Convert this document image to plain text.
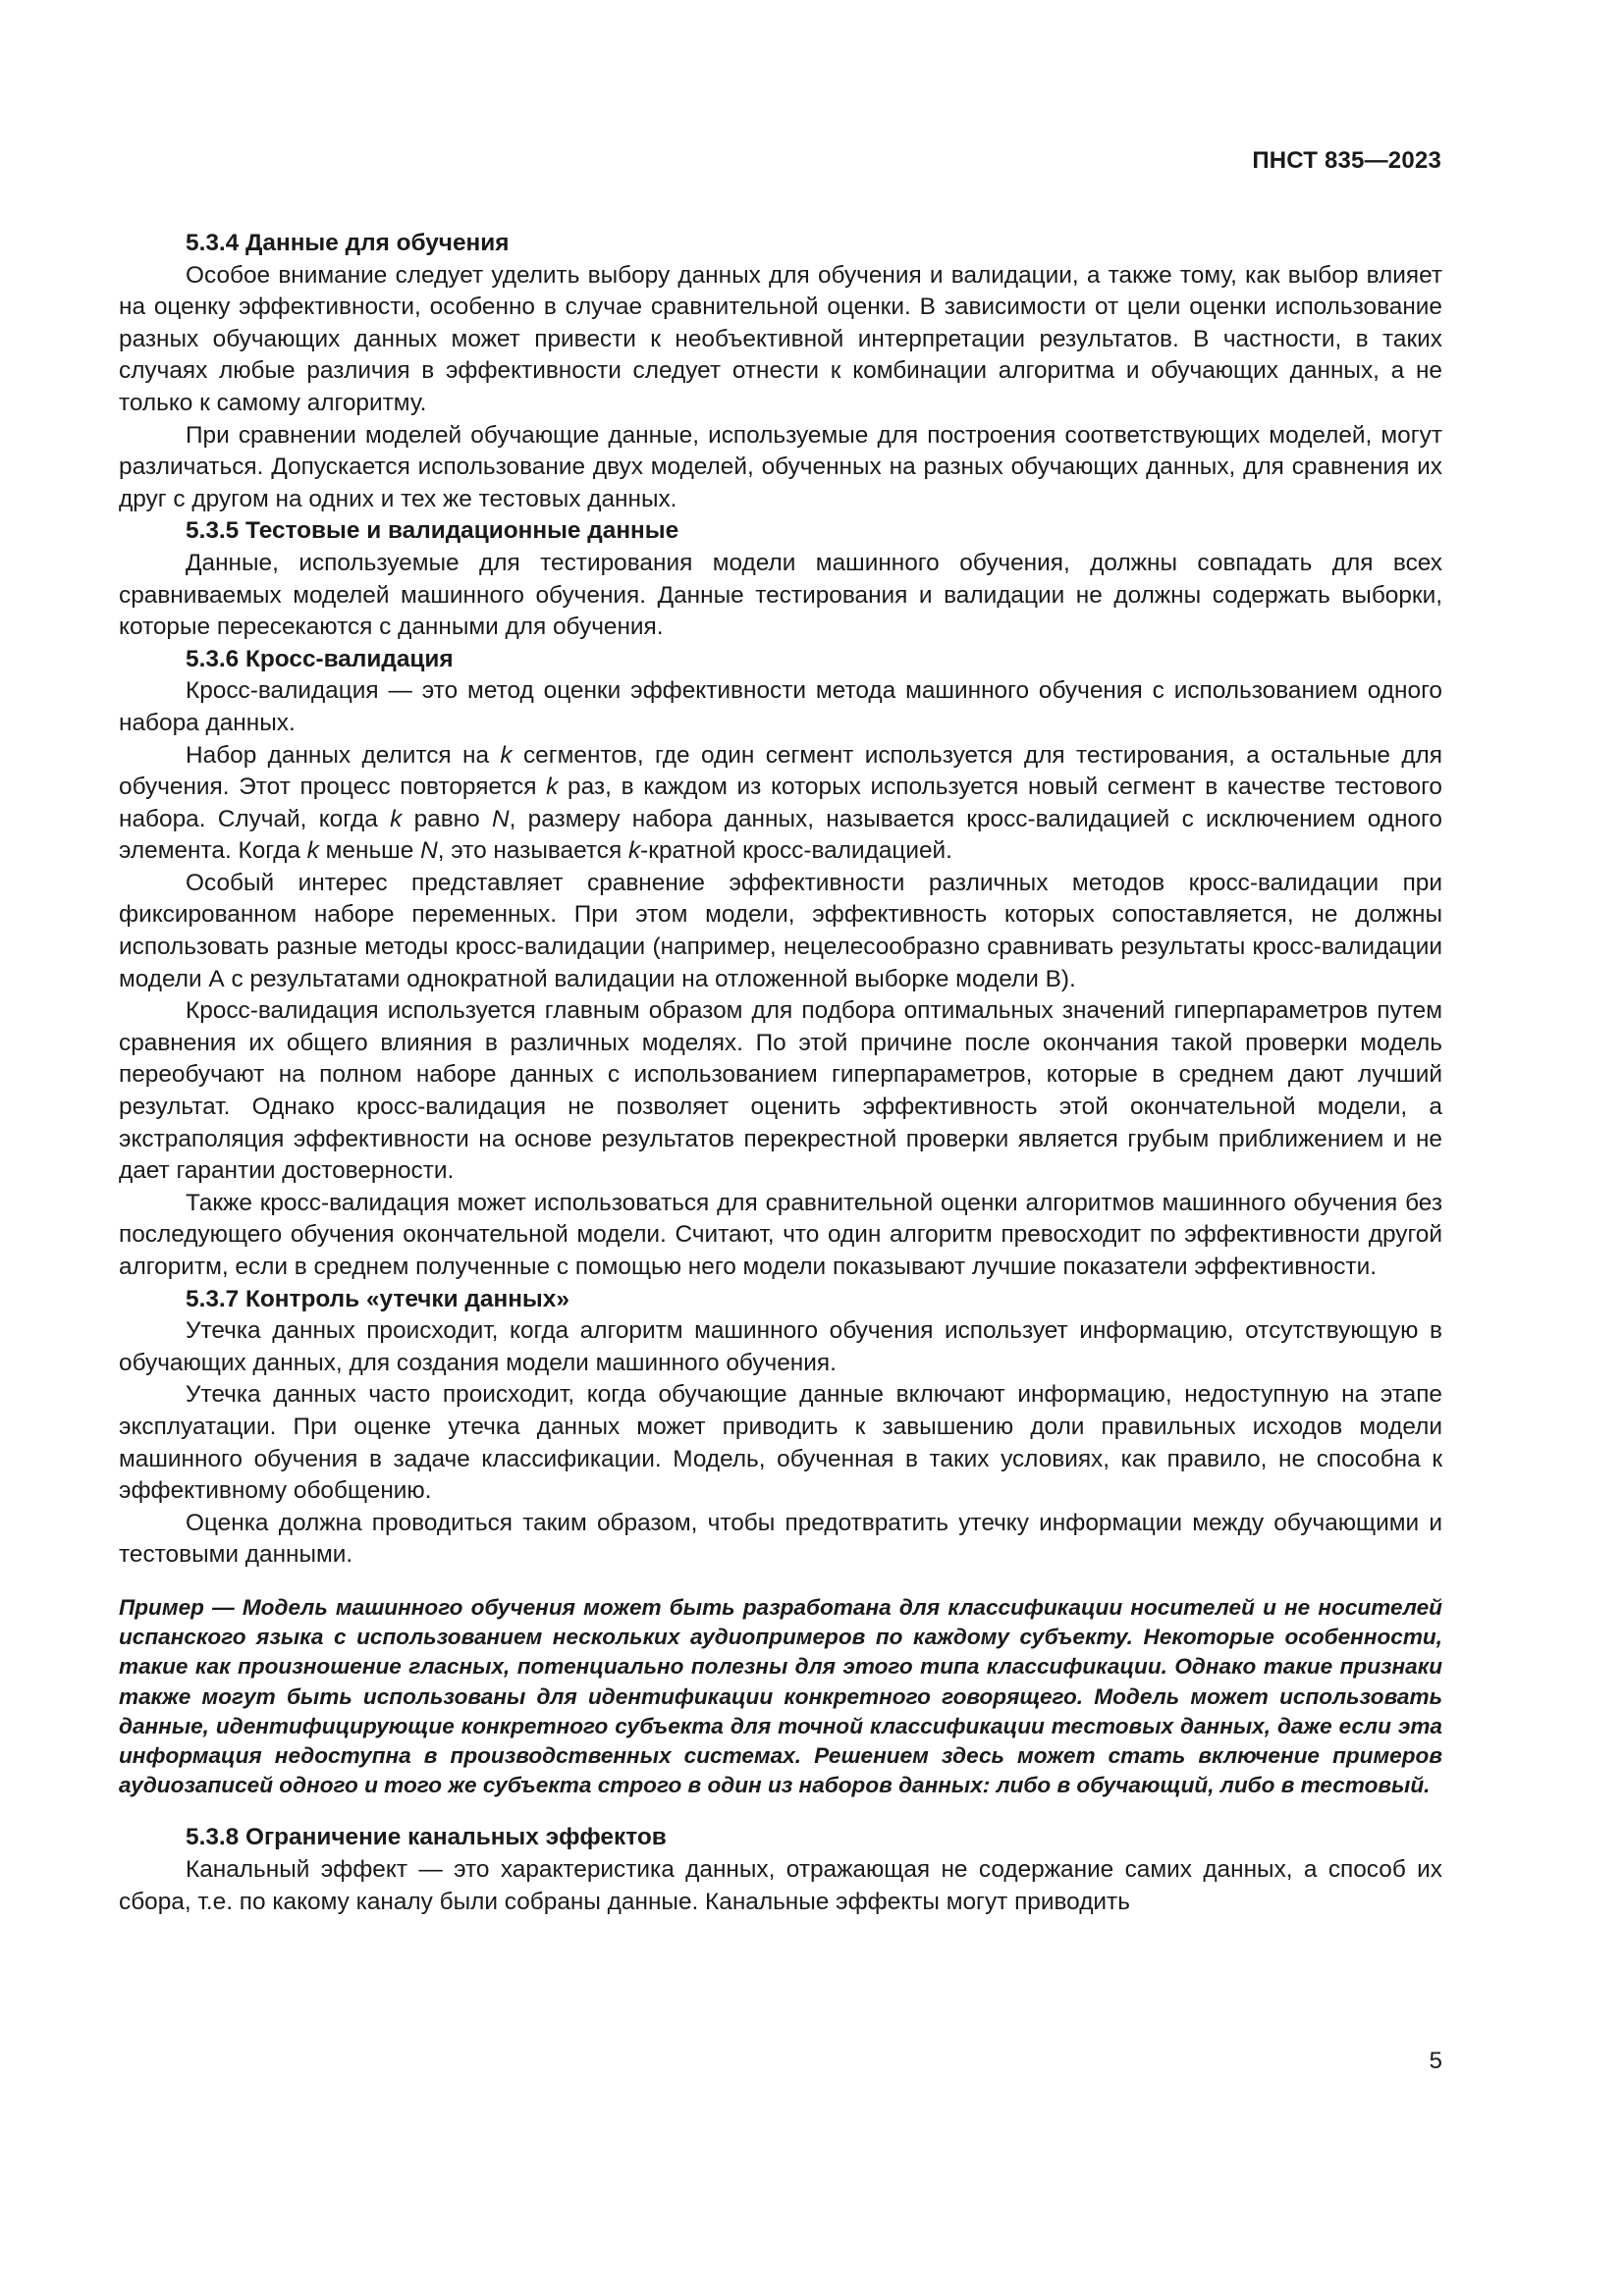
ПНСТ 835—2023
5.3.4 Данные для обучения

Особое внимание следует уделить выбору данных для обучения и валидации, а также тому, как выбор влияет на оценку эффективности, особенно в случае сравнительной оценки. В зависимости от цели оценки использование разных обучающих данных может привести к необъективной интерпретации результатов. В частности, в таких случаях любые различия в эффективности следует отнести к комбинации алгоритма и обучающих данных, а не только к самому алгоритму.

При сравнении моделей обучающие данные, используемые для построения соответствующих моделей, могут различаться. Допускается использование двух моделей, обученных на разных обучающих данных, для сравнения их друг с другом на одних и тех же тестовых данных.

5.3.5 Тестовые и валидационные данные

Данные, используемые для тестирования модели машинного обучения, должны совпадать для всех сравниваемых моделей машинного обучения. Данные тестирования и валидации не должны содержать выборки, которые пересекаются с данными для обучения.

5.3.6 Кросс-валидация

Кросс-валидация — это метод оценки эффективности метода машинного обучения с использованием одного набора данных.

Набор данных делится на k сегментов, где один сегмент используется для тестирования, а остальные для обучения. Этот процесс повторяется k раз, в каждом из которых используется новый сегмент в качестве тестового набора. Случай, когда k равно N, размеру набора данных, называется кросс-валидацией с исключением одного элемента. Когда k меньше N, это называется k-кратной кросс-валидацией.

Особый интерес представляет сравнение эффективности различных методов кросс-валидации при фиксированном наборе переменных. При этом модели, эффективность которых сопоставляется, не должны использовать разные методы кросс-валидации (например, нецелесообразно сравнивать результаты кросс-валидации модели А с результатами однократной валидации на отложенной выборке модели В).

Кросс-валидация используется главным образом для подбора оптимальных значений гиперпараметров путем сравнения их общего влияния в различных моделях. По этой причине после окончания такой проверки модель переобучают на полном наборе данных с использованием гиперпараметров, которые в среднем дают лучший результат. Однако кросс-валидация не позволяет оценить эффективность этой окончательной модели, а экстраполяция эффективности на основе результатов перекрестной проверки является грубым приближением и не дает гарантии достоверности.

Также кросс-валидация может использоваться для сравнительной оценки алгоритмов машинного обучения без последующего обучения окончательной модели. Считают, что один алгоритм превосходит по эффективности другой алгоритм, если в среднем полученные с помощью него модели показывают лучшие показатели эффективности.

5.3.7 Контроль «утечки данных»

Утечка данных происходит, когда алгоритм машинного обучения использует информацию, отсутствующую в обучающих данных, для создания модели машинного обучения.

Утечка данных часто происходит, когда обучающие данные включают информацию, недоступную на этапе эксплуатации. При оценке утечка данных может приводить к завышению доли правильных исходов модели машинного обучения в задаче классификации. Модель, обученная в таких условиях, как правило, не способна к эффективному обобщению.

Оценка должна проводиться таким образом, чтобы предотвратить утечку информации между обучающими и тестовыми данными.

Пример — Модель машинного обучения может быть разработана для классификации носителей и не носителей испанского языка с использованием нескольких аудиопримеров по каждому субъекту. Некоторые особенности, такие как произношение гласных, потенциально полезны для этого типа классификации. Однако такие признаки также могут быть использованы для идентификации конкретного говорящего. Модель может использовать данные, идентифицирующие конкретного субъекта для точной классификации тестовых данных, даже если эта информация недоступна в производственных системах. Решением здесь может стать включение примеров аудиозаписей одного и того же субъекта строго в один из наборов данных: либо в обучающий, либо в тестовый.

5.3.8 Ограничение канальных эффектов

Канальный эффект — это характеристика данных, отражающая не содержание самих данных, а способ их сбора, т.е. по какому каналу были собраны данные. Канальные эффекты могут приводить

5
